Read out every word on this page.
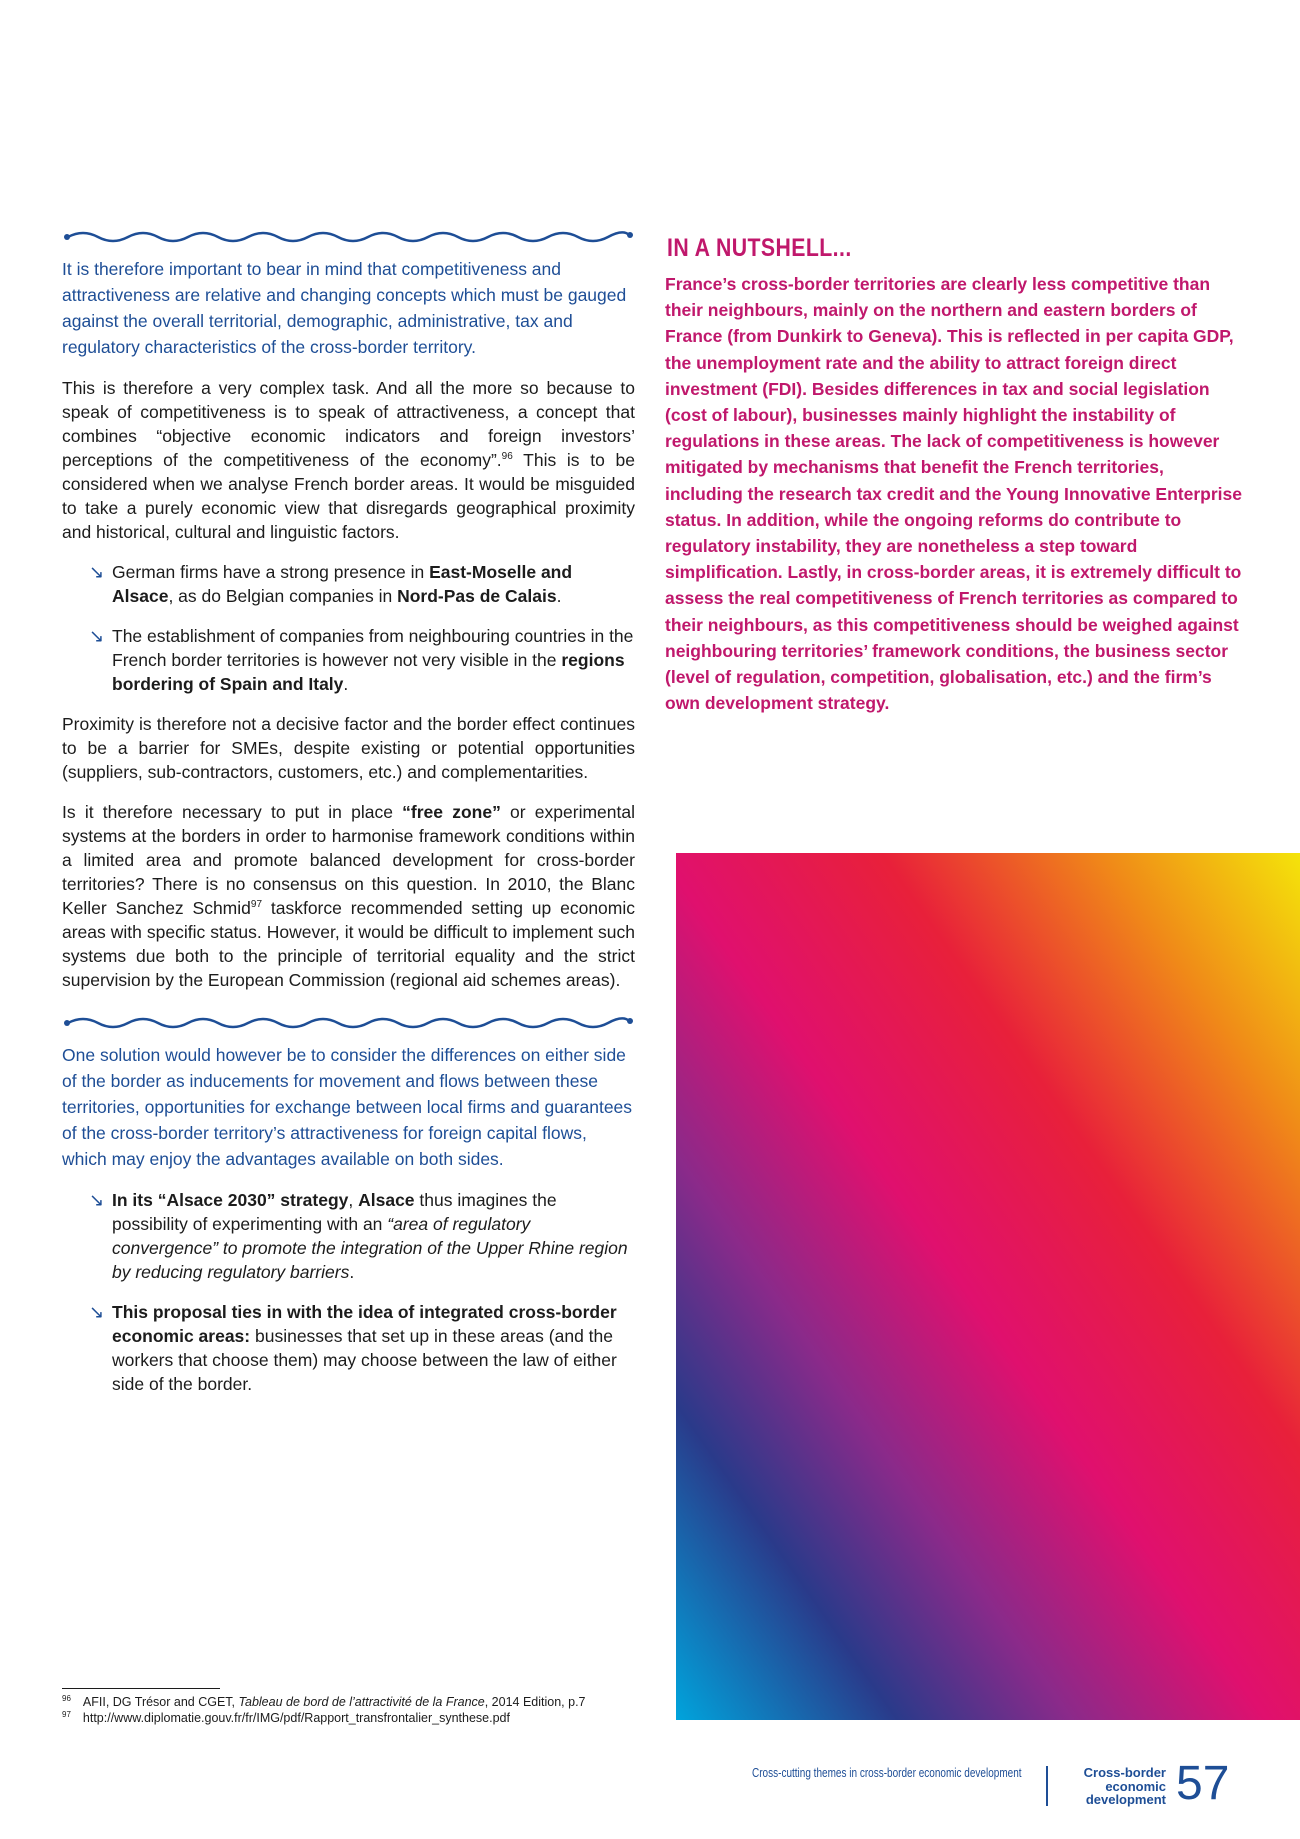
It is therefore important to bear in mind that competitiveness and attractiveness are relative and changing concepts which must be gauged against the overall territorial, demographic, administrative, tax and regulatory characteristics of the cross-border territory.

This is therefore a very complex task. And all the more so because to speak of competitiveness is to speak of attractiveness, a concept that combines “objective economic indicators and foreign investors’ perceptions of the competitiveness of the economy”.$^{96}$ This is to be considered when we analyse French border areas. It would be misguided to take a purely economic view that disregards geographical proximity and historical, cultural and linguistic factors.

↘ German firms have a strong presence in East-Moselle and Alsace, as do Belgian companies in Nord-Pas de Calais.
↘ The establishment of companies from neighbouring countries in the French border territories is however not very visible in the regions bordering of Spain and Italy.

Proximity is therefore not a decisive factor and the border effect continues to be a barrier for SMEs, despite existing or potential opportunities (suppliers, sub-contractors, customers, etc.) and complementarities.

Is it therefore necessary to put in place “free zone” or experimental systems at the borders in order to harmonise framework conditions within a limited area and promote balanced development for cross-border territories? There is no consensus on this question. In 2010, the Blanc Keller Sanchez Schmid$^{97}$ taskforce recommended setting up economic areas with specific status. However, it would be difficult to implement such systems due both to the principle of territorial equality and the strict supervision by the European Commission (regional aid schemes areas).

One solution would however be to consider the differences on either side of the border as inducements for movement and flows between these territories, opportunities for exchange between local firms and guarantees of the cross-border territory’s attractiveness for foreign capital flows, which may enjoy the advantages available on both sides.

↘ In its “Alsace 2030” strategy, Alsace thus imagines the possibility of experimenting with an “area of regulatory convergence” to promote the integration of the Upper Rhine region by reducing regulatory barriers.
↘ This proposal ties in with the idea of integrated cross-border economic areas: businesses that set up in these areas (and the workers that choose them) may choose between the law of either side of the border.
IN A NUTSHELL...

France’s cross-border territories are clearly less competitive than their neighbours, mainly on the northern and eastern borders of France (from Dunkirk to Geneva). This is reflected in per capita GDP, the unemployment rate and the ability to attract foreign direct investment (FDI). Besides differences in tax and social legislation (cost of labour), businesses mainly highlight the instability of regulations in these areas. The lack of competitiveness is however mitigated by mechanisms that benefit the French territories, including the research tax credit and the Young Innovative Enterprise status. In addition, while the ongoing reforms do contribute to regulatory instability, they are nonetheless a step toward simplification. Lastly, in cross-border areas, it is extremely difficult to assess the real competitiveness of French territories as compared to their neighbours, as this competitiveness should be weighed against neighbouring territories’ framework conditions, the business sector (level of regulation, competition, globalisation, etc.) and the firm’s own development strategy.

$^{96}$ AFII, DG Trésor and CGET, Tableau de bord de l’attractivité de la France, 2014 Edition, p.7
$^{97}$ http://www.diplomatie.gouv.fr/fr/IMG/pdf/Rapport_transfrontalier_synthese.pdf
Cross-cutting themes in cross-border economic development	Cross-border
economic
development 57
